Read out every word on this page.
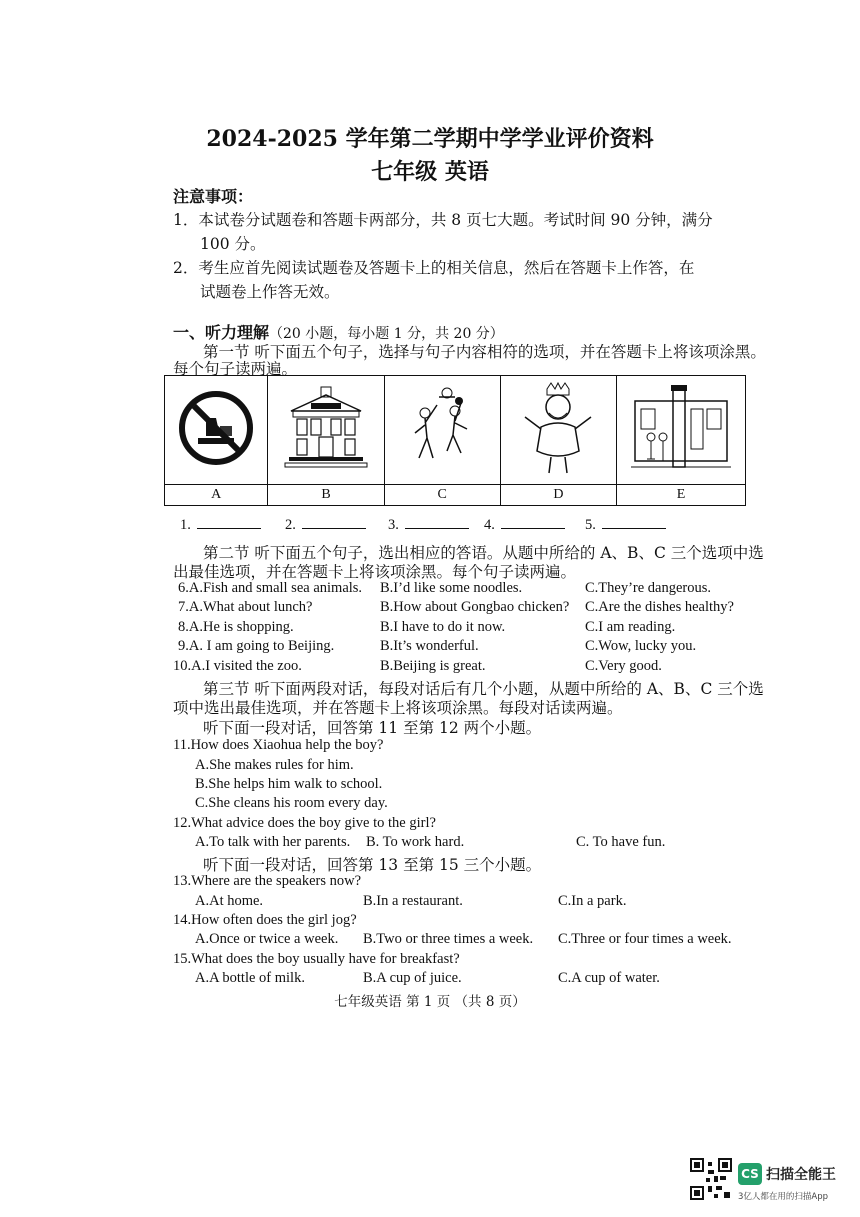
2024-2025 学年第二学期中学学业评价资料
七年级 英语
注意事项：
1．本试卷分试题卷和答题卡两部分，共 8 页七大题。考试时间 90 分钟，满分
100 分。
2．考生应首先阅读试题卷及答题卡上的相关信息，然后在答题卡上作答，在
试题卷上作答无效。
一、听力理解（20 小题，每小题 1 分，共 20 分）
第一节 听下面五个句子，选择与句子内容相符的选项，并在答题卡上将该项涂黑。
每个句子读两遍。

A	B	C	D	E
1.	2.	3.	4.	5.
第二节 听下面五个句子，选出相应的答语。从题中所给的 A、B、C 三个选项中选
出最佳选项，并在答题卡上将该项涂黑。每个句子读两遍。
6.A.Fish and small sea animals. B.I’d like some noodles.	C.They’re dangerous.
7.A.What about lunch?	B.How about Gongbao chicken? C.Are the dishes healthy?
8.A.He is shopping.	B.I have to do it now.	C.I am reading.
9.A. I am going to Beijing.	B.It’s wonderful.	C.Wow, lucky you.
10.A.I visited the zoo.	B.Beijing is great.	C.Very good.
第三节 听下面两段对话，每段对话后有几个小题，从题中所给的 A、B、C 三个选
项中选出最佳选项，并在答题卡上将该项涂黑。每段对话读两遍。
听下面一段对话，回答第 11 至第 12 两个小题。
11.How does Xiaohua help the boy?
A.She makes rules for him.
B.She helps him walk to school.
C.She cleans his room every day.
12.What advice does the boy give to the girl?
A.To talk with her parents. B. To work hard.	C. To have fun.
听下面一段对话，回答第 13 至第 15 三个小题。
13.Where are the speakers now?
A.At home.	B.In a restaurant.	C.In a park.
14.How often does the girl jog?
A.Once or twice a week. B.Two or three times a week. C.Three or four times a week.
15.What does the boy usually have for breakfast?
A.A bottle of milk.	B.A cup of juice.	C.A cup of water.
七年级英语 第 1 页 （共 8 页）
CS 扫描全能王
3亿人都在用的扫描App
